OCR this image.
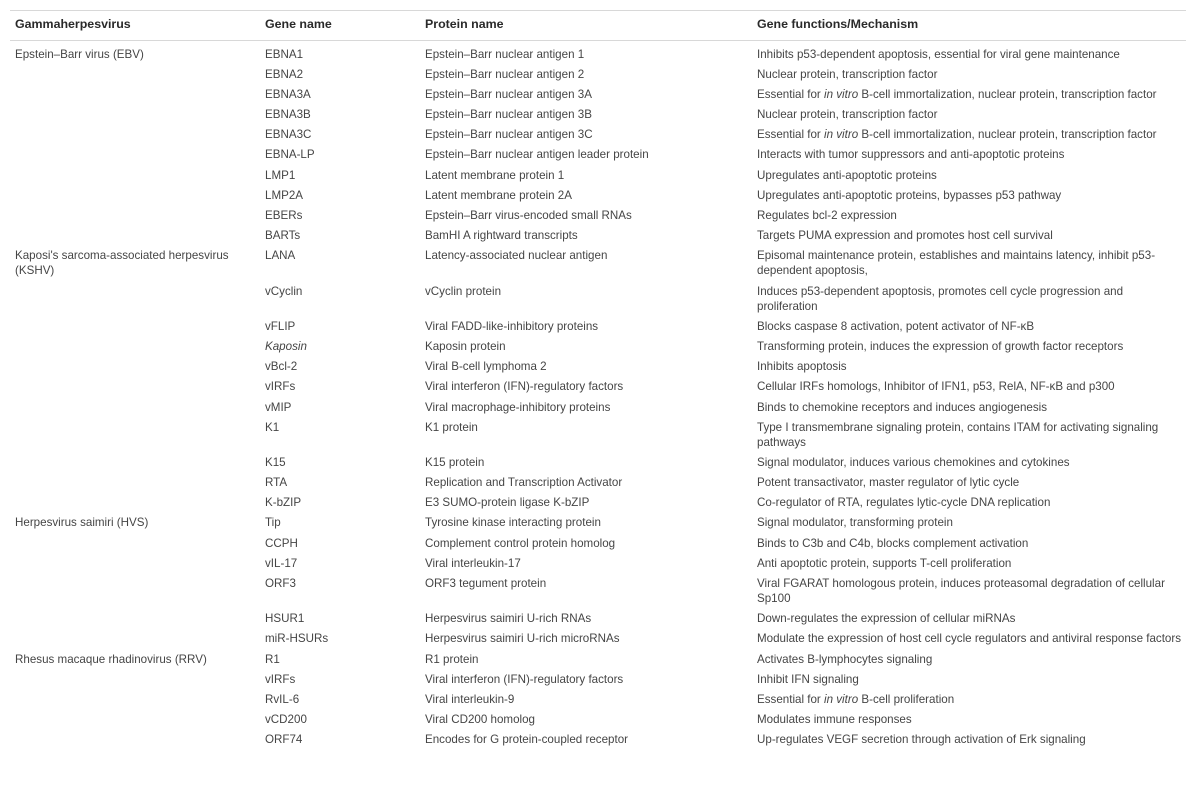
Gammaherpesvirus	Gene name	Protein name	Gene functions/Mechanism
Epstein–Barr virus (EBV)	EBNA1	Epstein–Barr nuclear antigen 1	Inhibits p53-dependent apoptosis, essential for viral gene maintenance
	EBNA2	Epstein–Barr nuclear antigen 2	Nuclear protein, transcription factor
	EBNA3A	Epstein–Barr nuclear antigen 3A	Essential for in vitro B-cell immortalization, nuclear protein, transcription factor
	EBNA3B	Epstein–Barr nuclear antigen 3B	Nuclear protein, transcription factor
	EBNA3C	Epstein–Barr nuclear antigen 3C	Essential for in vitro B-cell immortalization, nuclear protein, transcription factor
	EBNA-LP	Epstein–Barr nuclear antigen leader protein	Interacts with tumor suppressors and anti-apoptotic proteins
	LMP1	Latent membrane protein 1	Upregulates anti-apoptotic proteins
	LMP2A	Latent membrane protein 2A	Upregulates anti-apoptotic proteins, bypasses p53 pathway
	EBERs	Epstein–Barr virus-encoded small RNAs	Regulates bcl-2 expression
	BARTs	BamHI A rightward transcripts	Targets PUMA expression and promotes host cell survival
Kaposi's sarcoma-associated herpesvirus (KSHV)	LANA	Latency-associated nuclear antigen	Episomal maintenance protein, establishes and maintains latency, inhibit p53-dependent apoptosis,
	vCyclin	vCyclin protein	Induces p53-dependent apoptosis, promotes cell cycle progression and proliferation
	vFLIP	Viral FADD-like-inhibitory proteins	Blocks caspase 8 activation, potent activator of NF-κB
	Kaposin	Kaposin protein	Transforming protein, induces the expression of growth factor receptors
	vBcl-2	Viral B-cell lymphoma 2	Inhibits apoptosis
	vIRFs	Viral interferon (IFN)-regulatory factors	Cellular IRFs homologs, Inhibitor of IFN1, p53, RelA, NF-κB and p300
	vMIP	Viral macrophage-inhibitory proteins	Binds to chemokine receptors and induces angiogenesis
	K1	K1 protein	Type I transmembrane signaling protein, contains ITAM for activating signaling pathways
	K15	K15 protein	Signal modulator, induces various chemokines and cytokines
	RTA	Replication and Transcription Activator	Potent transactivator, master regulator of lytic cycle
	K-bZIP	E3 SUMO-protein ligase K-bZIP	Co-regulator of RTA, regulates lytic-cycle DNA replication
Herpesvirus saimiri (HVS)	Tip	Tyrosine kinase interacting protein	Signal modulator, transforming protein
	CCPH	Complement control protein homolog	Binds to C3b and C4b, blocks complement activation
	vIL-17	Viral interleukin-17	Anti apoptotic protein, supports T-cell proliferation
	ORF3	ORF3 tegument protein	Viral FGARAT homologous protein, induces proteasomal degradation of cellular Sp100
	HSUR1	Herpesvirus saimiri U-rich RNAs	Down-regulates the expression of cellular miRNAs
	miR-HSURs	Herpesvirus saimiri U-rich microRNAs	Modulate the expression of host cell cycle regulators and antiviral response factors
Rhesus macaque rhadinovirus (RRV)	R1	R1 protein	Activates B-lymphocytes signaling
	vIRFs	Viral interferon (IFN)-regulatory factors	Inhibit IFN signaling
	RvIL-6	Viral interleukin-9	Essential for in vitro B-cell proliferation
	vCD200	Viral CD200 homolog	Modulates immune responses
	ORF74	Encodes for G protein-coupled receptor	Up-regulates VEGF secretion through activation of Erk signaling
